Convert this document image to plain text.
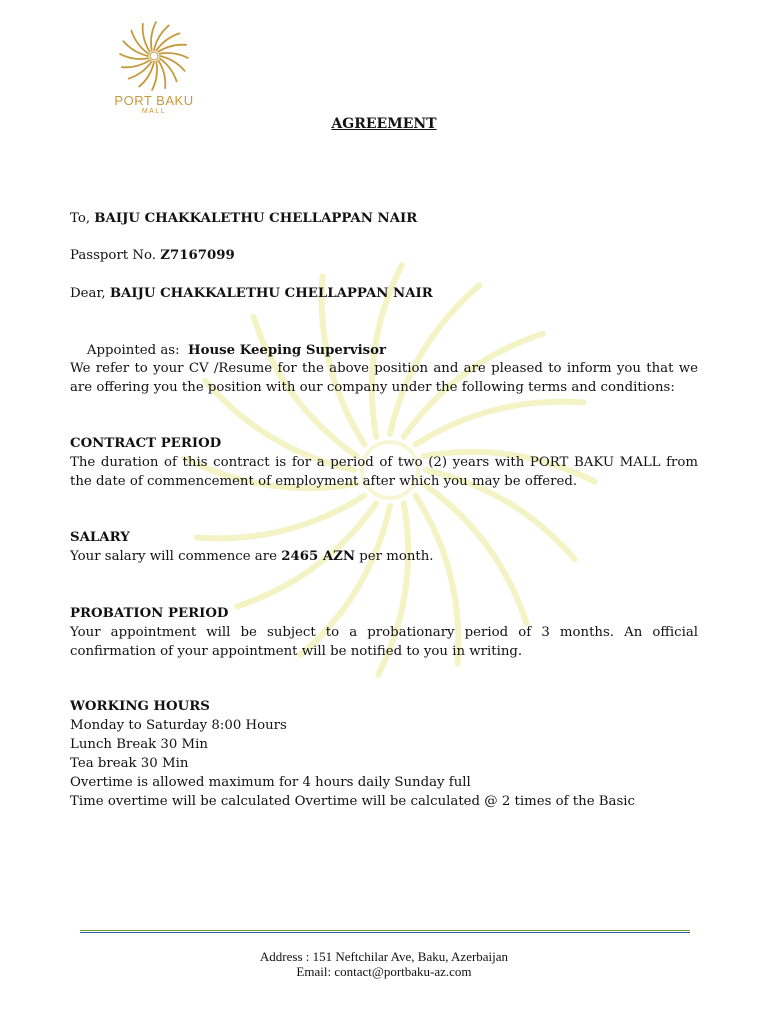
PORT BAKU
MALL
AGREEMENT
To, BAIJU CHAKKALETHU CHELLAPPAN NAIR
Passport No. Z7167099
Dear, BAIJU CHAKKALETHU CHELLAPPAN NAIR

Appointed as:  House Keeping Supervisor

We refer to your CV /Resume for the above position and are pleased to inform you that we are offering you the position with our company under the following terms and conditions:
CONTRACT PERIOD
The duration of this contract is for a period of two (2) years with PORT BAKU MALL from the date of commencement of employment after which you may be offered.
SALARY
Your salary will commence are 2465 AZN per month.
PROBATION PERIOD
Your appointment will be subject to a probationary period of 3 months. An official confirmation of your appointment will be notified to you in writing.
WORKING HOURS
Monday to Saturday 8:00 Hours
Lunch Break 30 Min
Tea break 30 Min
Overtime is allowed maximum for 4 hours daily Sunday full
Time overtime will be calculated Overtime will be calculated @ 2 times of the Basic
Address : 151 Neftchilar Ave, Baku, Azerbaijan
Email: contact@portbaku-az.com
